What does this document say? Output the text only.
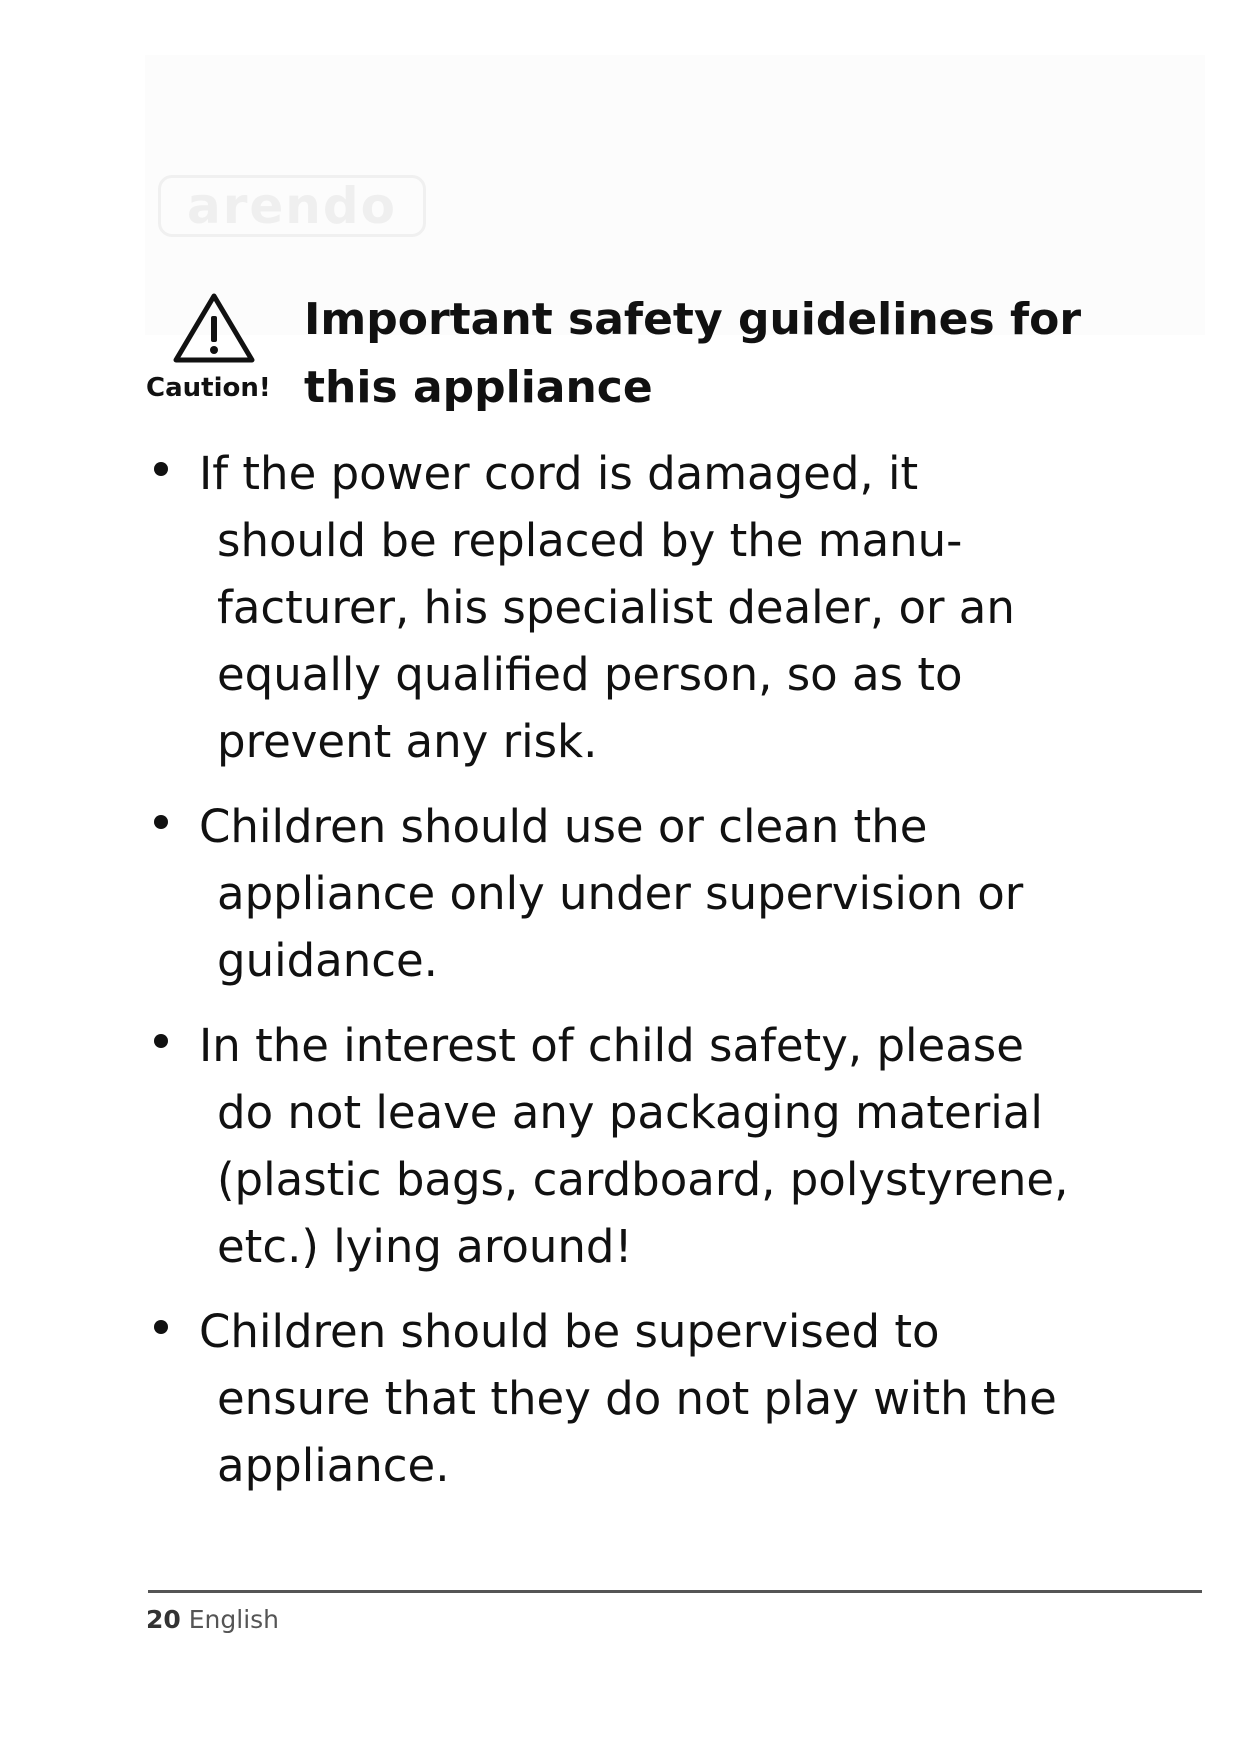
arendo
Caution!
Important safety guidelines for
this appliance
If the power cord is damaged, it
should be replaced by the manu-
facturer, his specialist dealer, or an
equally qualified person, so as to
prevent any risk.
Children should use or clean the
appliance only under supervision or
guidance.
In the interest of child safety, please
do not leave any packaging material
(plastic bags, cardboard, polystyrene,
etc.) lying around!
Children should be supervised to
ensure that they do not play with the
appliance.
20 English
